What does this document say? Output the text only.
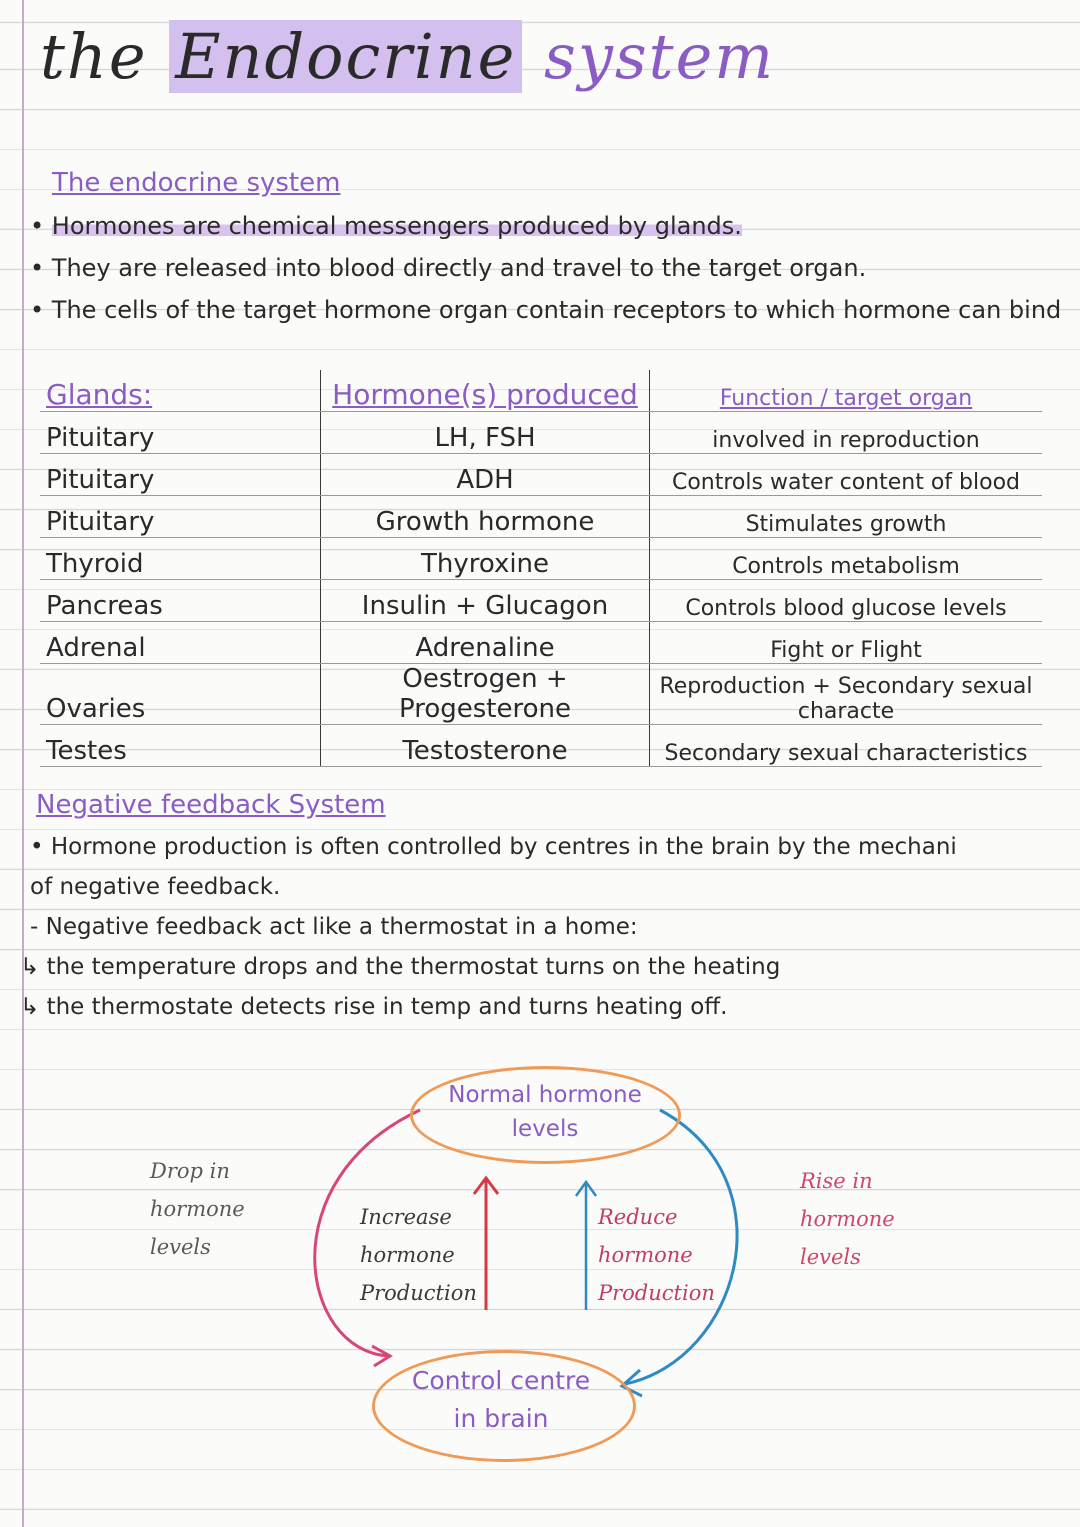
the Endocrine system
The endocrine system
• Hormones are chemical messengers produced by glands.
• They are released into blood directly and travel to the target organ.
• The cells of the target hormone organ contain receptors to which hormone can bind
Glands:	Hormone(s) produced	Function / target organ
Pituitary	LH, FSH	involved in reproduction
Pituitary	ADH	Controls water content of blood
Pituitary	Growth hormone	Stimulates growth
Thyroid	Thyroxine	Controls metabolism
Pancreas	Insulin + Glucagon	Controls blood glucose levels
Adrenal	Adrenaline	Fight or Flight
Ovaries	Oestrogen + Progesterone	Reproduction + Secondary sexual characte
Testes	Testosterone	Secondary sexual characteristics
Negative feedback System
• Hormone production is often controlled by centres in the brain by the mechani
of negative feedback.
- Negative feedback act like a thermostat in a home:
↳ the temperature drops and the thermostat turns on the heating
↳ the thermostate detects rise in temp and turns heating off.
Normal hormone
levels
Control centre
in brain
Drop in
hormone
levels
Rise in
hormone
levels
Increase
hormone
Production
Reduce
hormone
Production
